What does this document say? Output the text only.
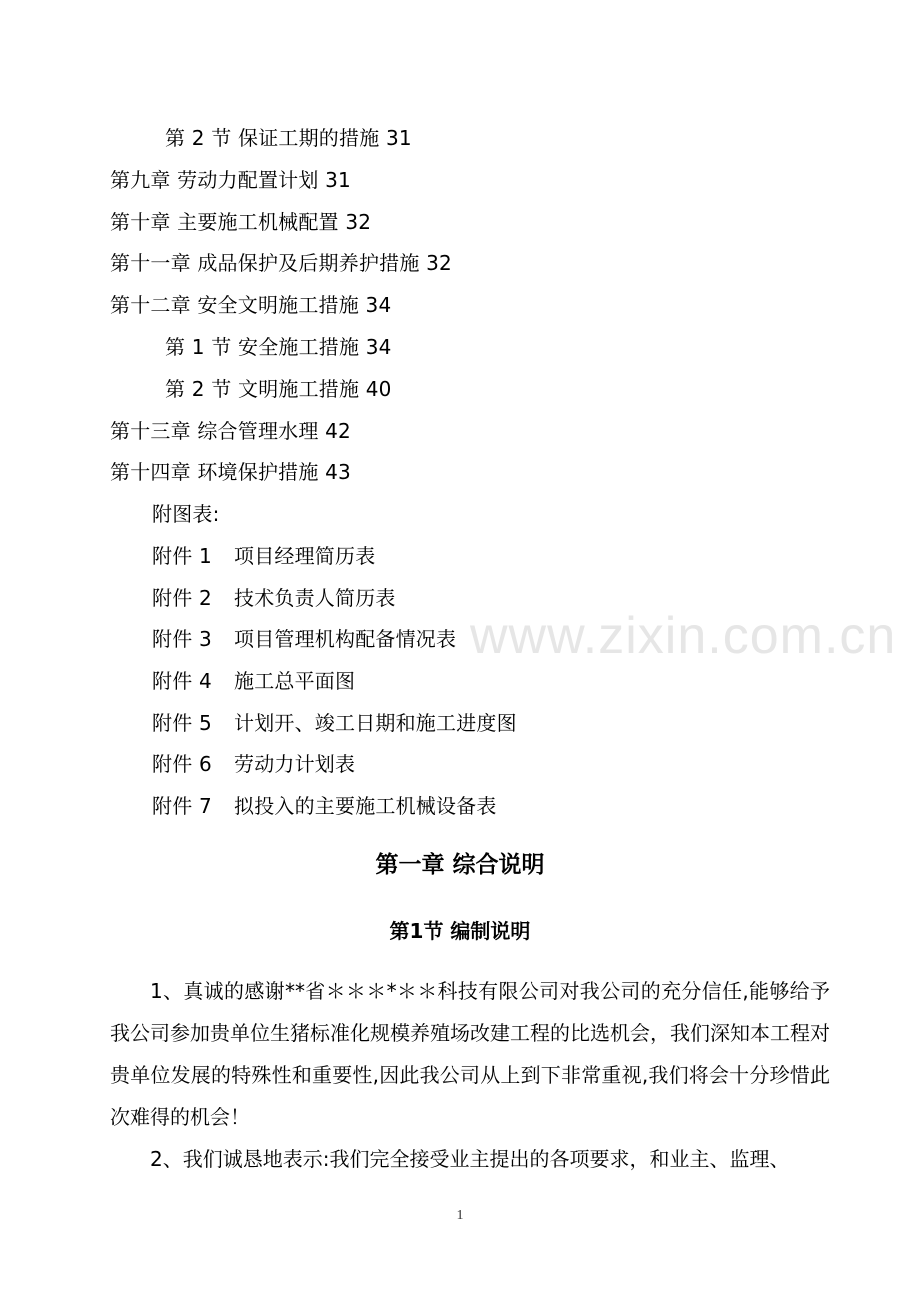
第 2 节 保证工期的措施 31
第九章 劳动力配置计划 31
第十章 主要施工机械配置 32
第十一章 成品保护及后期养护措施 32
第十二章 安全文明施工措施 34
第 1 节 安全施工措施 34
第 2 节 文明施工措施 40
第十三章 综合管理水理 42
第十四章 环境保护措施 43
附图表:
附件 1 项目经理简历表
附件 2 技术负责人简历表
附件 3 项目管理机构配备情况表
附件 4 施工总平面图
附件 5 计划开、竣工日期和施工进度图
附件 6 劳动力计划表
附件 7 拟投入的主要施工机械设备表
www.zixin.com.cn
第一章 综合说明
第1节 编制说明

1、真诚的感谢**省＊＊＊*＊＊科技有限公司对我公司的充分信任,能够给予我公司参加贵单位生猪标准化规模养殖场改建工程的比选机会，我们深知本工程对贵单位发展的特殊性和重要性,因此我公司从上到下非常重视,我们将会十分珍惜此次难得的机会！

2、我们诚恳地表示:我们完全接受业主提出的各项要求，和业主、监理、

1
